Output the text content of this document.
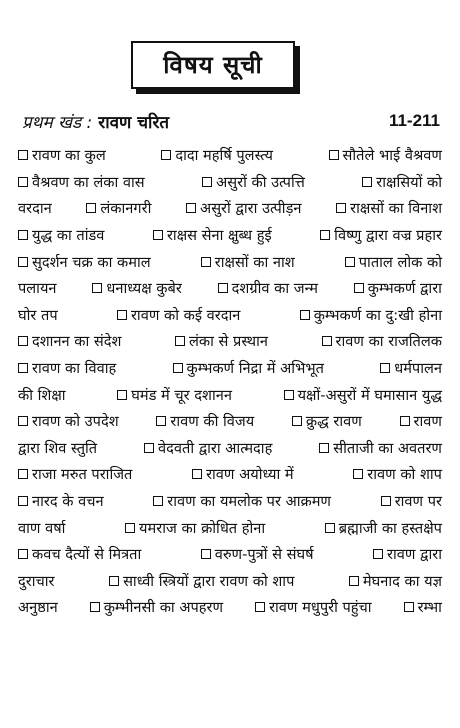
विषय सूची
प्रथम खंड : रावण चरित	11-211
रावण का कुल	दादा महर्षि पुलस्त्य	सौतेले भाई वैश्रवण
वैश्रवण का लंका वास	असुरों की उत्पत्ति	राक्षसियों को
वरदान	लंकानगरी	असुरों द्वारा उत्पीड़न	राक्षसों का विनाश
युद्ध का तांडव	राक्षस सेना क्षुब्ध हुई	विष्णु द्वारा वज्र प्रहार
सुदर्शन चक्र का कमाल	राक्षसों का नाश	पाताल लोक को
पलायन	धनाध्यक्ष कुबेर	दशग्रीव का जन्म	कुम्भकर्ण द्वारा
घोर तप	रावण को कई वरदान	कुम्भकर्ण का दु:खी होना
दशानन का संदेश	लंका से प्रस्थान	रावण का राजतिलक
रावण का विवाह	कुम्भकर्ण निद्रा में अभिभूत	धर्मपालन
की शिक्षा	घमंड में चूर दशानन	यक्षों-असुरों में घमासान युद्ध
रावण को उपदेश	रावण की विजय	क्रुद्ध रावण	रावण
द्वारा शिव स्तुति	वेदवती द्वारा आत्मदाह	सीताजी का अवतरण
राजा मरुत पराजित	रावण अयोध्या में	रावण को शाप
नारद के वचन	रावण का यमलोक पर आक्रमण	रावण पर
वाण वर्षा	यमराज का क्रोधित होना	ब्रह्माजी का हस्तक्षेप
कवच दैत्यों से मित्रता	वरुण-पुत्रों से संघर्ष	रावण द्वारा
दुराचार	साध्वी स्त्रियों द्वारा रावण को शाप	मेघनाद का यज्ञ
अनुष्ठान	कुम्भीनसी का अपहरण	रावण मधुपुरी पहुंचा	रम्भा
